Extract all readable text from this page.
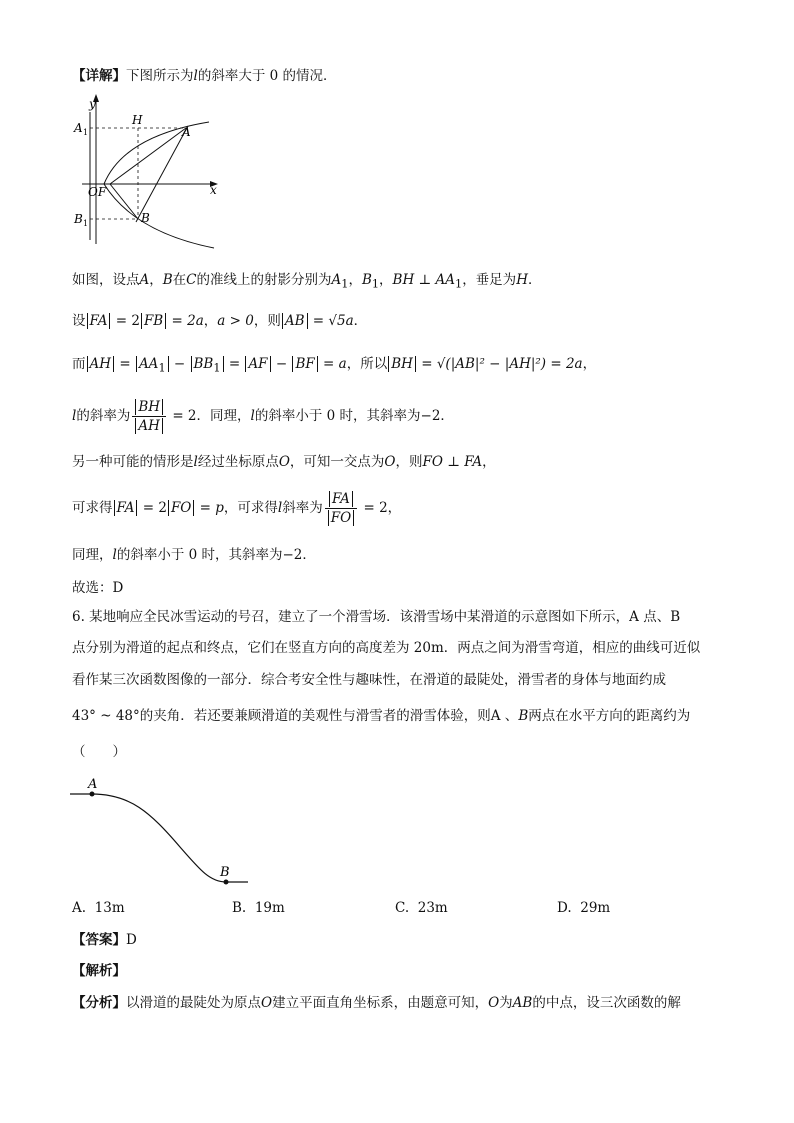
【详解】下图所示为l的斜率大于 0 的情况．
y
x
A 1
H
A
OF
B 1	B
如图，设点A，B在C的准线上的射影分别为$A_1$，$B_1$，BH ⊥ $AA_1$，垂足为H．
设 FA = 2 FB = 2a，a > 0，则 AB = √5a．
而 AH = $AA_1 - BB_1$ = AF − BF = a，所以 BH = √(|AB|² − |AH|²) = 2a，
l的斜率为 $\frac{BH}{AH} = 2$．同理，l的斜率小于 0 时，其斜率为−2．
另一种可能的情形是l经过坐标原点O，可知一交点为O，则FO ⊥ FA，
可求得 FA = 2 FO = p，可求得l斜率为 $\frac{FA}{FO} = 2$，
同理，l的斜率小于 0 时，其斜率为−2．
故选：D
6. 某地响应全民冰雪运动的号召，建立了一个滑雪场．该滑雪场中某滑道的示意图如下所示，A 点、B
点分别为滑道的起点和终点，它们在竖直方向的高度差为 20m．两点之间为滑雪弯道，相应的曲线可近似
看作某三次函数图像的一部分．综合考安全性与趣味性，在滑道的最陡处，滑雪者的身体与地面约成
43° ~ 48°的夹角．若还要兼顾滑道的美观性与滑雪者的滑雪体验，则A 、B两点在水平方向的距离约为
（　　）
A
B
A. 13m	B. 19m	C. 23m	D. 29m
【答案】D
【解析】
【分析】以滑道的最陡处为原点O建立平面直角坐标系，由题意可知，O为AB的中点，设三次函数的解
